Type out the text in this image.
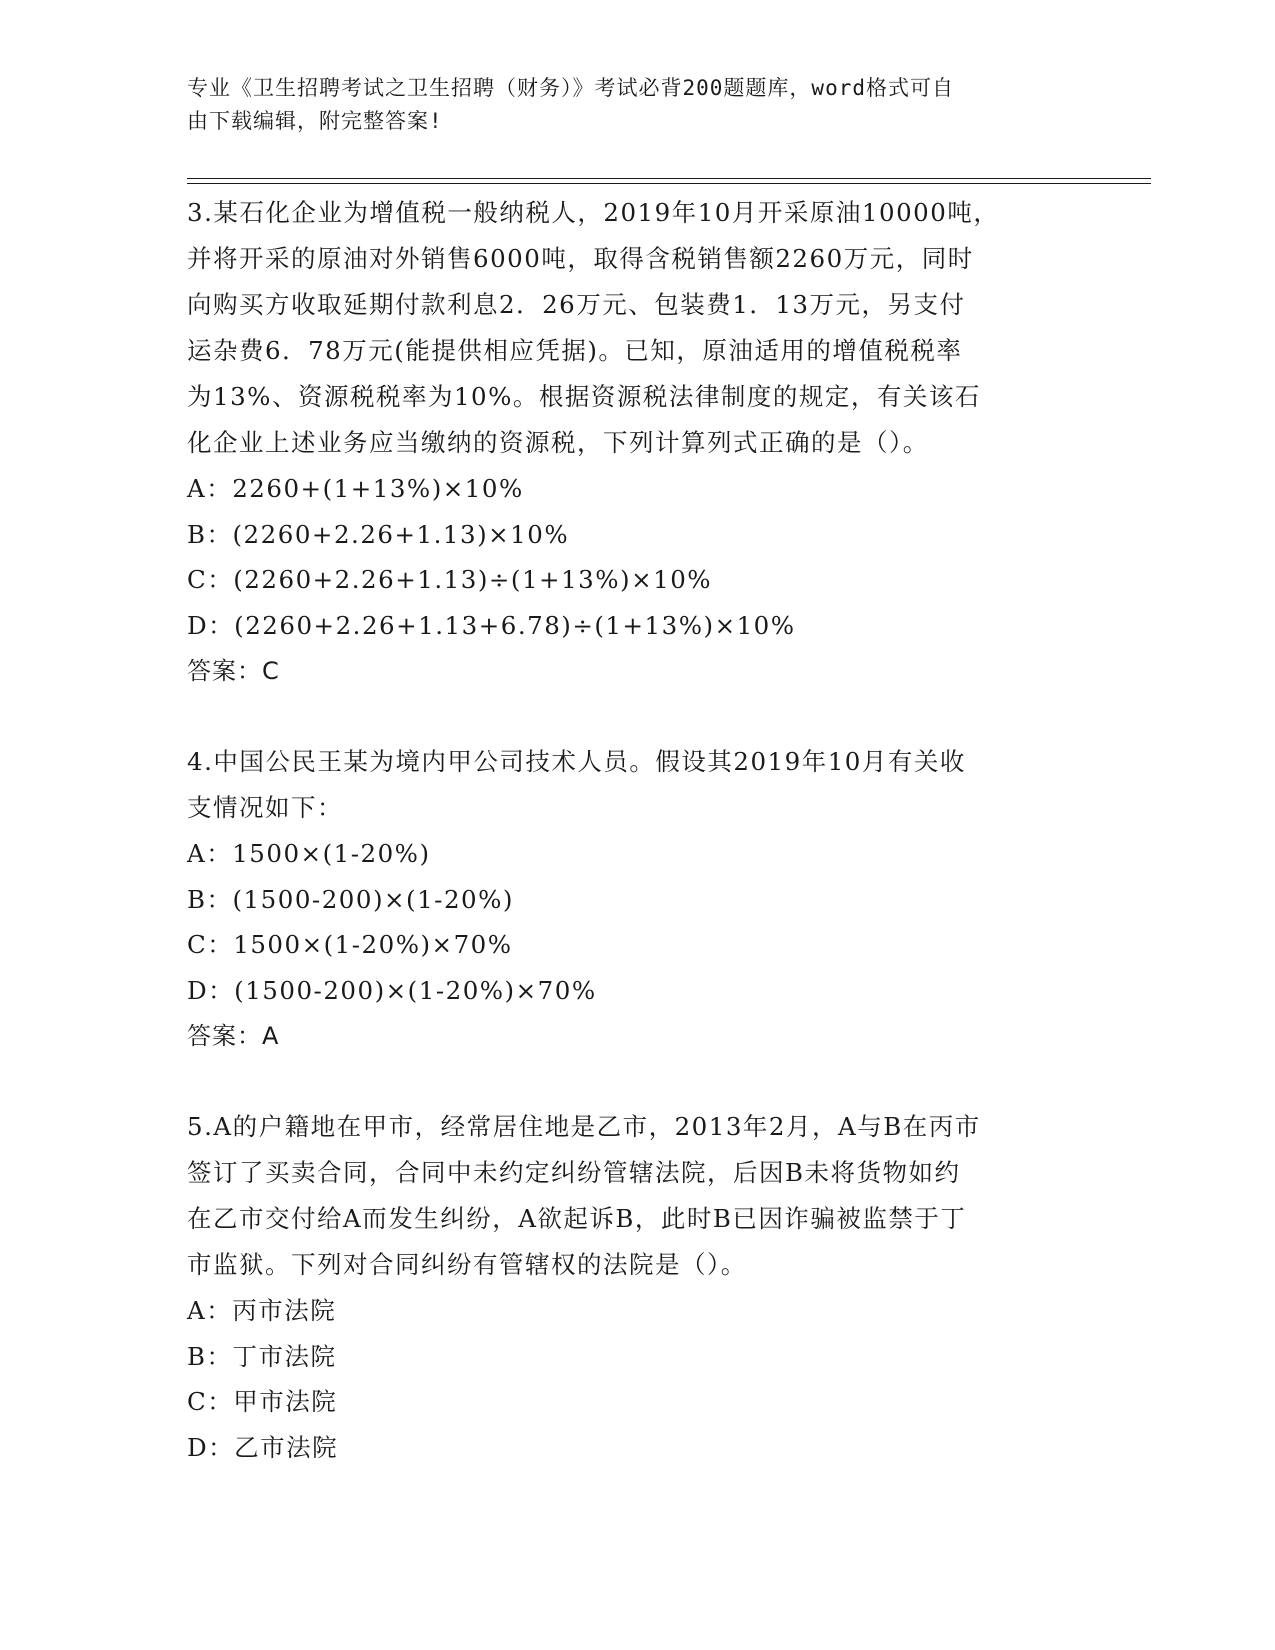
专业《卫生招聘考试之卫生招聘（财务）》考试必背200题题库，word格式可自
由下载编辑，附完整答案!
3.某石化企业为增值税一般纳税人，2019年10月开采原油10000吨，
并将开采的原油对外销售6000吨，取得含税销售额2260万元，同时
向购买方收取延期付款利息2．26万元、包装费1．13万元，另支付
运杂费6．78万元(能提供相应凭据)。已知，原油适用的增值税税率
为13%、资源税税率为10%。根据资源税法律制度的规定，有关该石
化企业上述业务应当缴纳的资源税，下列计算列式正确的是（）。
A：2260+(1+13%)×10%
B：(2260+2.26+1.13)×10%
C：(2260+2.26+1.13)÷(1+13%)×10%
D：(2260+2.26+1.13+6.78)÷(1+13%)×10%
答案：C
4.中国公民王某为境内甲公司技术人员。假设其2019年10月有关收
支情况如下：
A：1500×(1-20%)
B：(1500-200)×(1-20%)
C：1500×(1-20%)×70%
D：(1500-200)×(1-20%)×70%
答案：A
5.A的户籍地在甲市，经常居住地是乙市，2013年2月，A与B在丙市
签订了买卖合同，合同中未约定纠纷管辖法院，后因B未将货物如约
在乙市交付给A而发生纠纷，A欲起诉B，此时B已因诈骗被监禁于丁
市监狱。下列对合同纠纷有管辖权的法院是（）。
A：丙市法院
B：丁市法院
C：甲市法院
D：乙市法院
